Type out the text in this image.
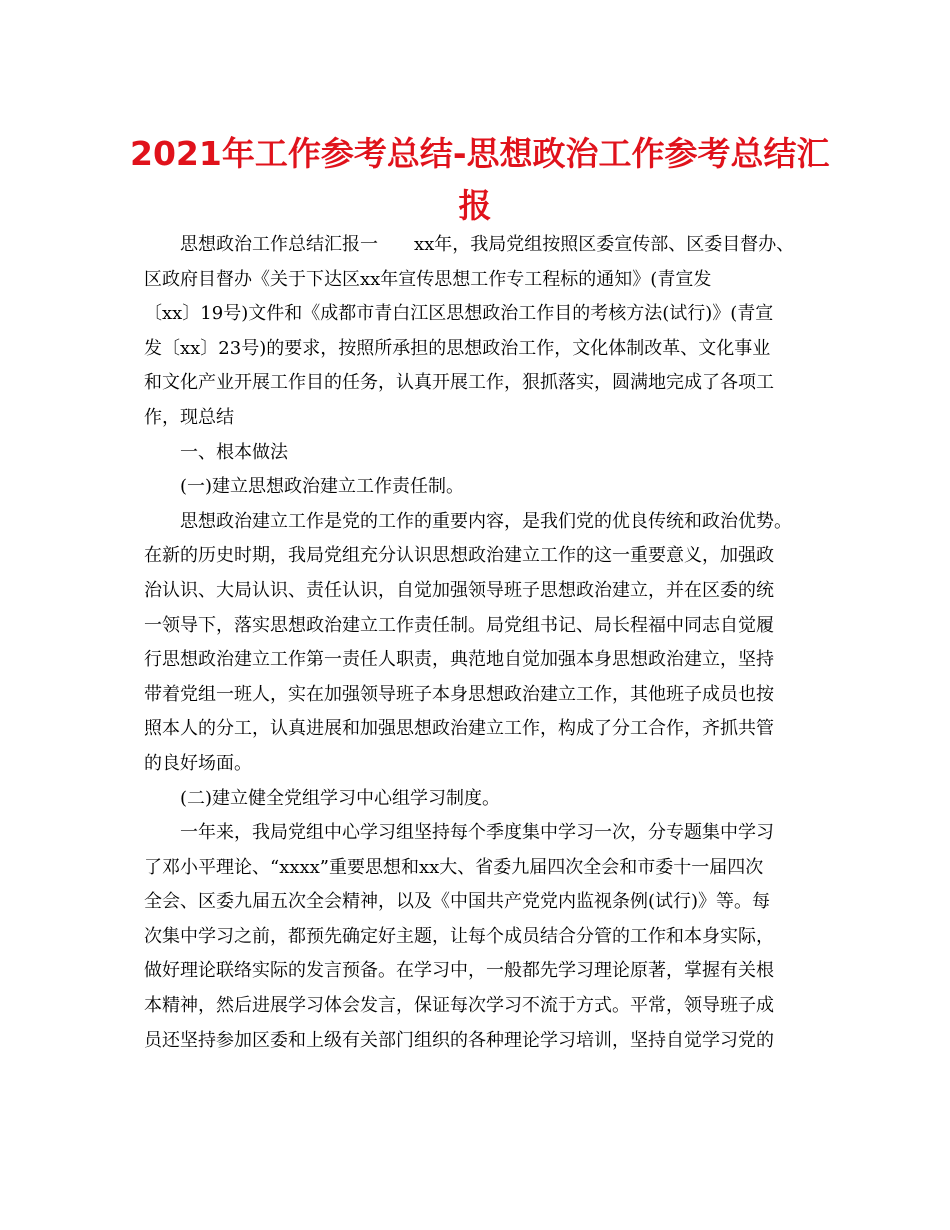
2021年工作参考总结-思想政治工作参考总结汇
报

思想政治工作总结汇报一　　xx年，我局党组按照区委宣传部、区委目督办、
区政府目督办《关于下达区xx年宣传思想工作专工程标的通知》(青宣发
〔xx〕19号)文件和《成都市青白江区思想政治工作目的考核方法(试行)》(青宣
发〔xx〕23号)的要求，按照所承担的思想政治工作，文化体制改革、文化事业
和文化产业开展工作目的任务，认真开展工作，狠抓落实，圆满地完成了各项工
作，现总结

一、根本做法

(一)建立思想政治建立工作责任制。

思想政治建立工作是党的工作的重要内容，是我们党的优良传统和政治优势。
在新的历史时期，我局党组充分认识思想政治建立工作的这一重要意义，加强政
治认识、大局认识、责任认识，自觉加强领导班子思想政治建立，并在区委的统
一领导下，落实思想政治建立工作责任制。局党组书记、局长程福中同志自觉履
行思想政治建立工作第一责任人职责，典范地自觉加强本身思想政治建立，坚持
带着党组一班人，实在加强领导班子本身思想政治建立工作，其他班子成员也按
照本人的分工，认真进展和加强思想政治建立工作，构成了分工合作，齐抓共管
的良好场面。

(二)建立健全党组学习中心组学习制度。

一年来，我局党组中心学习组坚持每个季度集中学习一次，分专题集中学习
了邓小平理论、“xxxx”重要思想和xx大、省委九届四次全会和市委十一届四次
全会、区委九届五次全会精神，以及《中国共产党党内监视条例(试行)》等。每
次集中学习之前，都预先确定好主题，让每个成员结合分管的工作和本身实际，
做好理论联络实际的发言预备。在学习中，一般都先学习理论原著，掌握有关根
本精神，然后进展学习体会发言，保证每次学习不流于方式。平常，领导班子成
员还坚持参加区委和上级有关部门组织的各种理论学习培训，坚持自觉学习党的
